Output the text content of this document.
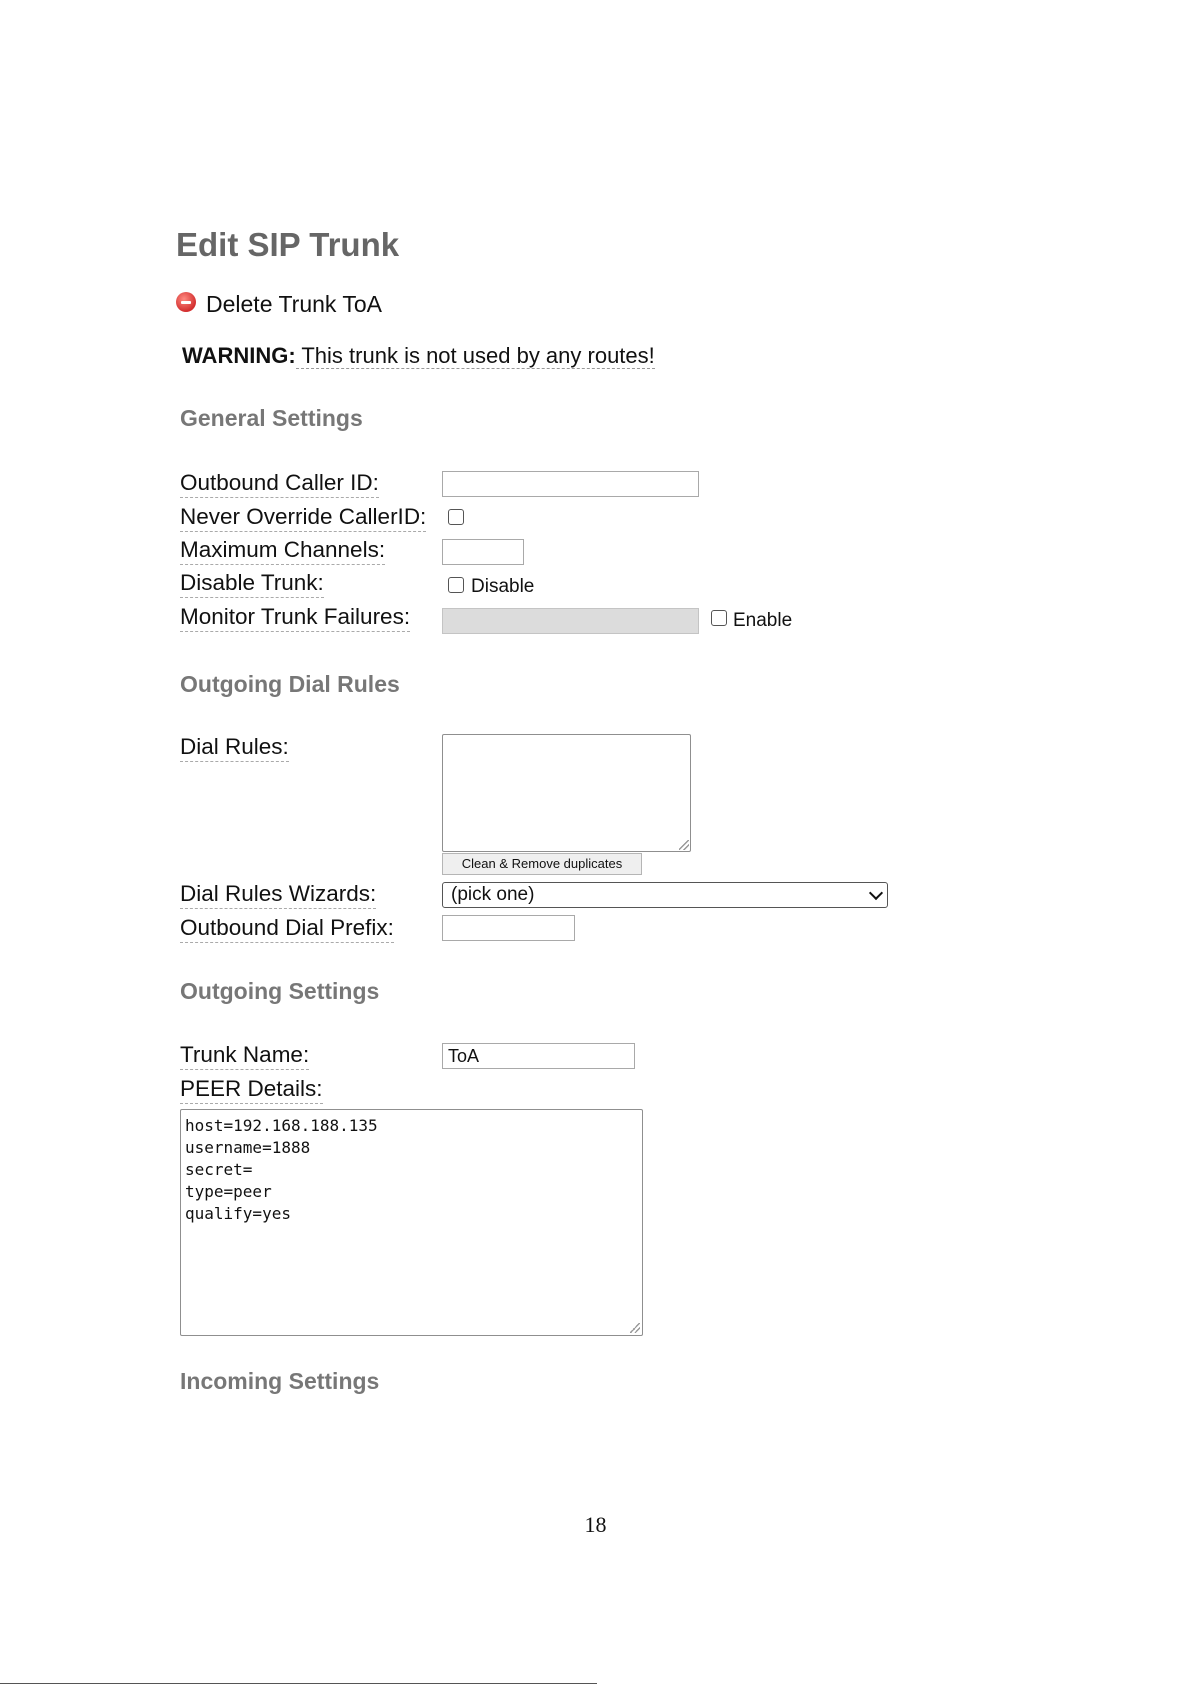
Edit SIP Trunk
Delete Trunk ToA
WARNING: This trunk is not used by any routes!
General Settings
Outbound Caller ID:
Never Override CallerID:
Maximum Channels:
Disable Trunk:	Disable
Monitor Trunk Failures:	Enable
Outgoing Dial Rules
Dial Rules:
Clean & Remove duplicates
Dial Rules Wizards:	(pick one)
Outbound Dial Prefix:
Outgoing Settings
Trunk Name:
ToA
PEER Details:
host=192.168.188.135
username=1888
secret=
type=peer
qualify=yes
Incoming Settings
18
